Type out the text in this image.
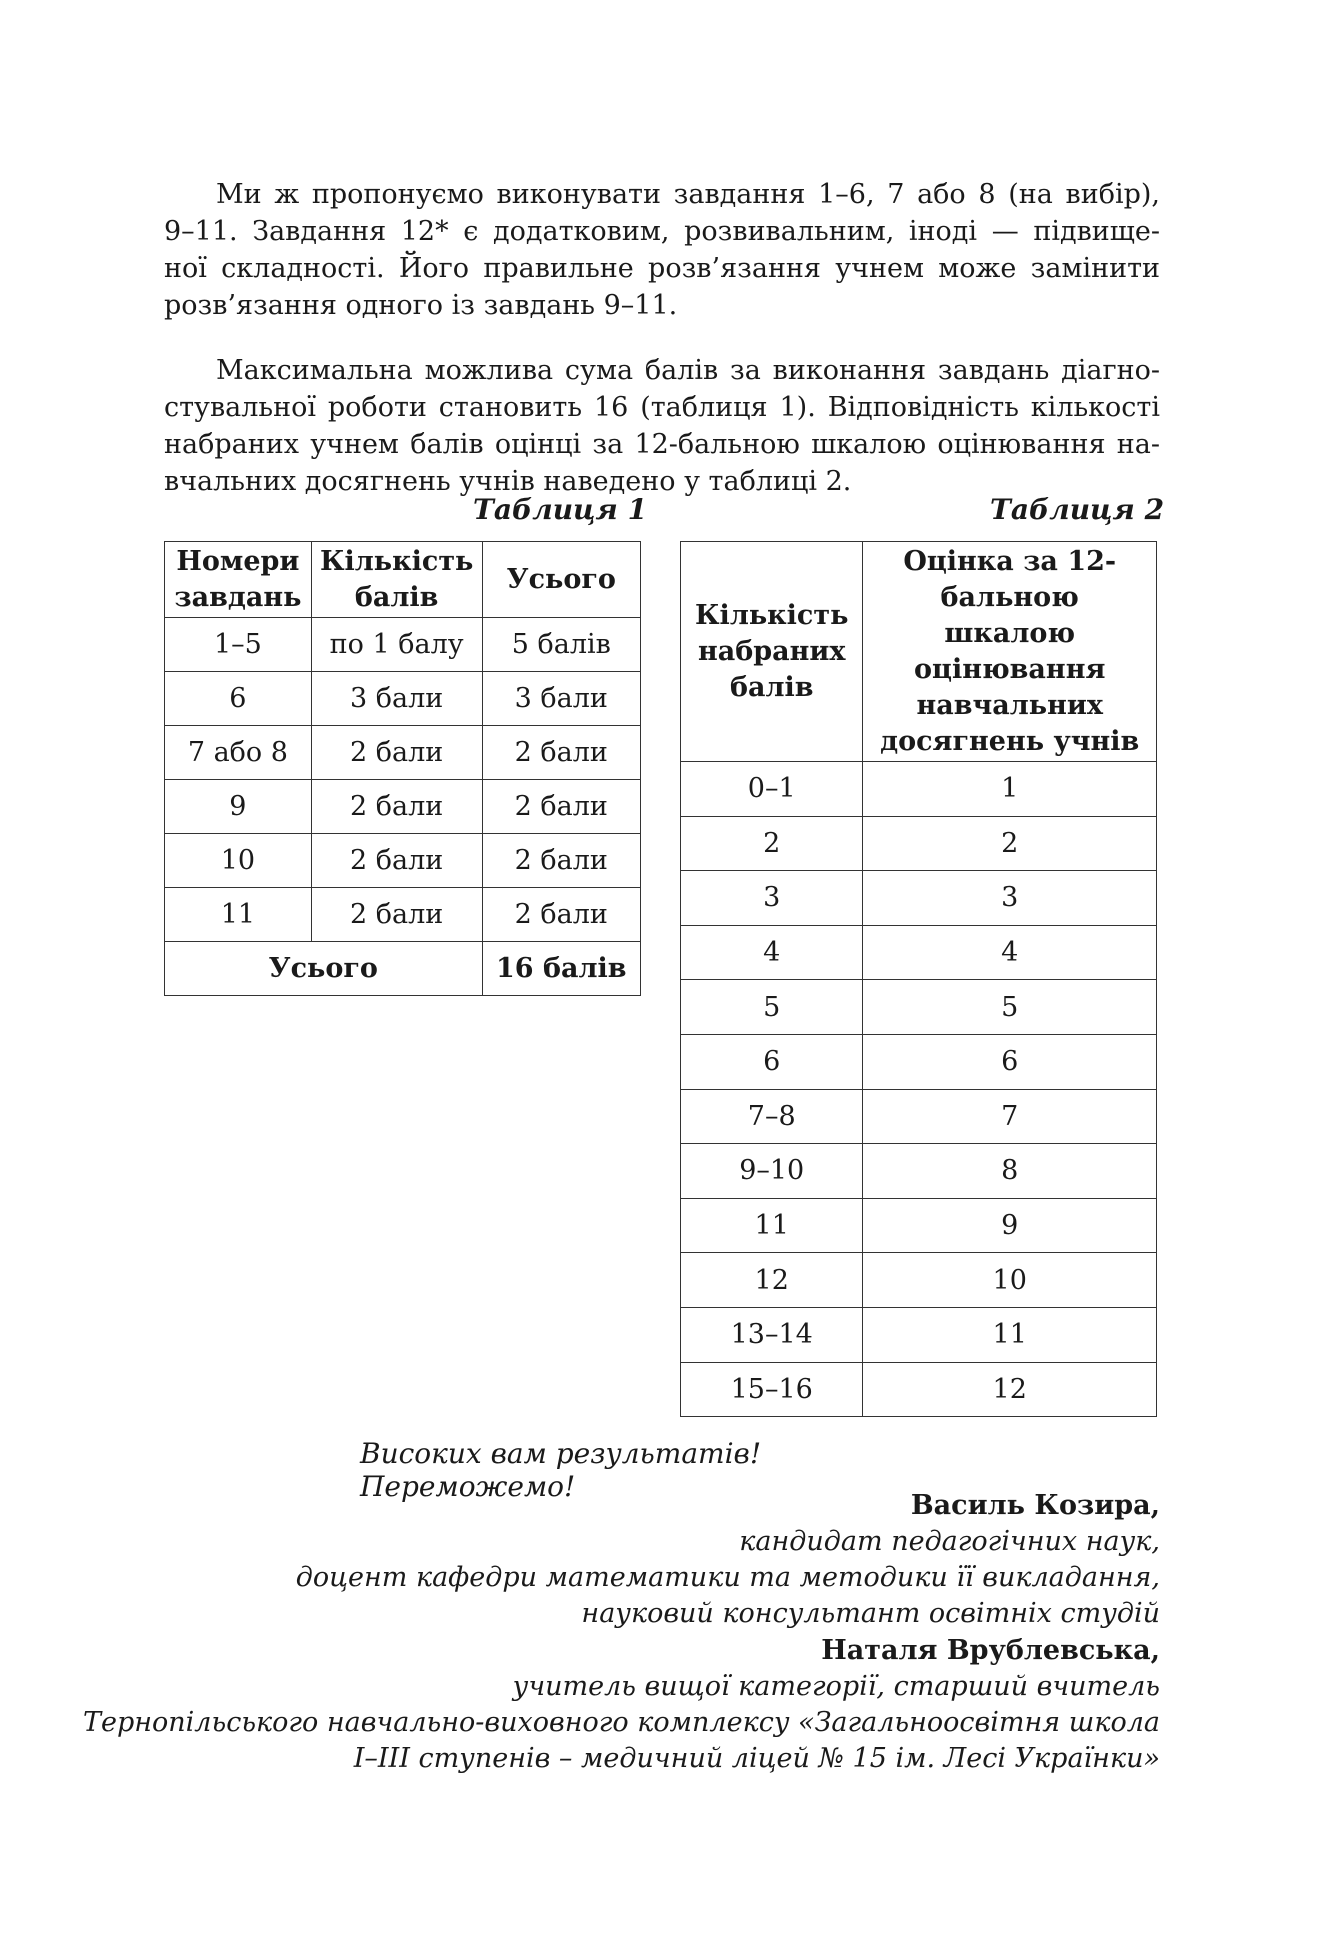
Ми ж пропонуємо виконувати завдання 1–6, 7 або 8 (на вибір),
9–11. Завдання 12* є додатковим, розвивальним, іноді — підвище-
ної складності. Його правильне розв’язання учнем може замінити
розв’язання одного із завдань 9–11.
Максимальна можлива сума балів за виконання завдань діагно-
стувальної роботи становить 16 (таблиця 1). Відповідність кількості
набраних учнем балів оцінці за 12-бальною шкалою оцінювання на-
вчальних досягнень учнів наведено у таблиці 2.
Таблиця 1
Номери завдань	Кількість балів	Усього
1–5	по 1 балу	5 балів
6	3 бали	3 бали
7 або 8	2 бали	2 бали
9	2 бали	2 бали
10	2 бали	2 бали
11	2 бали	2 бали
Усього		16 балів
Таблиця 2
Кількість набраних балів	Оцінка за 12-бальною шкалою оцінювання навчальних досягнень учнів
0–1	1
2	2
3	3
4	4
5	5
6	6
7–8	7
9–10	8
11	9
12	10
13–14	11
15–16	12
Високих вам результатів! Переможемо!
Василь Козира,
кандидат педагогічних наук,
доцент кафедри математики та методики її викладання,
науковий консультант освітніх студій
Наталя Врублевська,
учитель вищої категорії, старший вчитель
Тернопільського навчально-виховного комплексу «Загальноосвітня школа
І–ІІІ ступенів – медичний ліцей № 15 ім. Лесі Українки»
